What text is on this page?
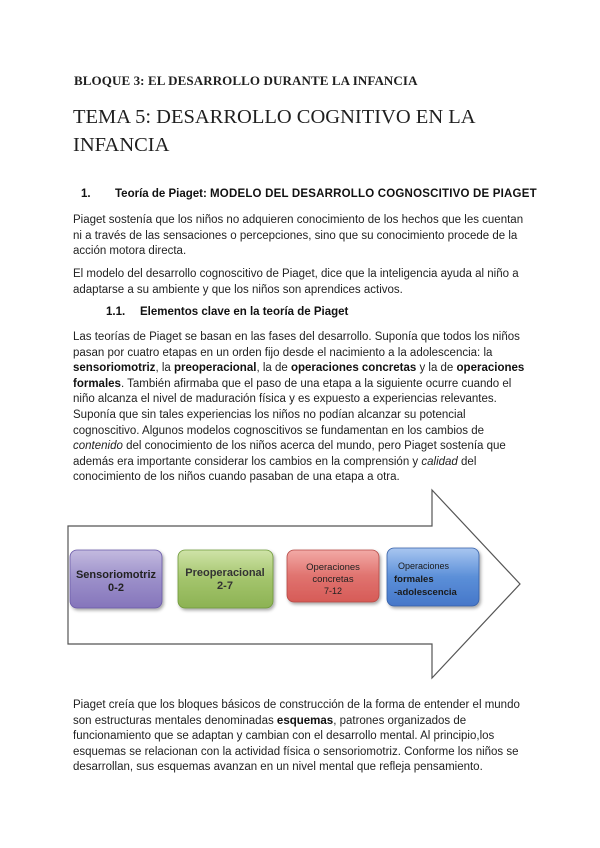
BLOQUE 3: EL DESARROLLO DURANTE LA INFANCIA
TEMA 5: DESARROLLO COGNITIVO EN LA
INFANCIA
1. Teoría de Piaget: MODELO DEL DESARROLLO COGNOSCITIVO DE PIAGET
Piaget sostenía que los niños no adquieren conocimiento de los hechos que les cuentan ni a través de las sensaciones o percepciones, sino que su conocimiento procede de la acción motora directa.
El modelo del desarrollo cognoscitivo de Piaget, dice que la inteligencia ayuda al niño a adaptarse a su ambiente y que los niños son aprendices activos.
1.1. Elementos clave en la teoría de Piaget
Las teorías de Piaget se basan en las fases del desarrollo. Suponía que todos los niños pasan por cuatro etapas en un orden fijo desde el nacimiento a la adolescencia: la sensoriomotriz, la preoperacional, la de operaciones concretas y la de operaciones formales. También afirmaba que el paso de una etapa a la siguiente ocurre cuando el niño alcanza el nivel de maduración física y es expuesto a experiencias relevantes. Suponía que sin tales experiencias los niños no podían alcanzar su potencial cognoscitivo. Algunos modelos cognoscitivos se fundamentan en los cambios de contenido del conocimiento de los niños acerca del mundo, pero Piaget sostenía que además era importante considerar los cambios en la comprensión y calidad del conocimiento de los niños cuando pasaban de una etapa a otra.
Sensoriomotriz
0-2
Preoperacional
2-7
Operaciones
concretas
7-12
Operaciones
formales
-adolescencia
Piaget creía que los bloques básicos de construcción de la forma de entender el mundo son estructuras mentales denominadas esquemas, patrones organizados de funcionamiento que se adaptan y cambian con el desarrollo mental. Al principio,los esquemas se relacionan con la actividad física o sensoriomotriz. Conforme los niños se desarrollan, sus esquemas avanzan en un nivel mental que refleja pensamiento.
